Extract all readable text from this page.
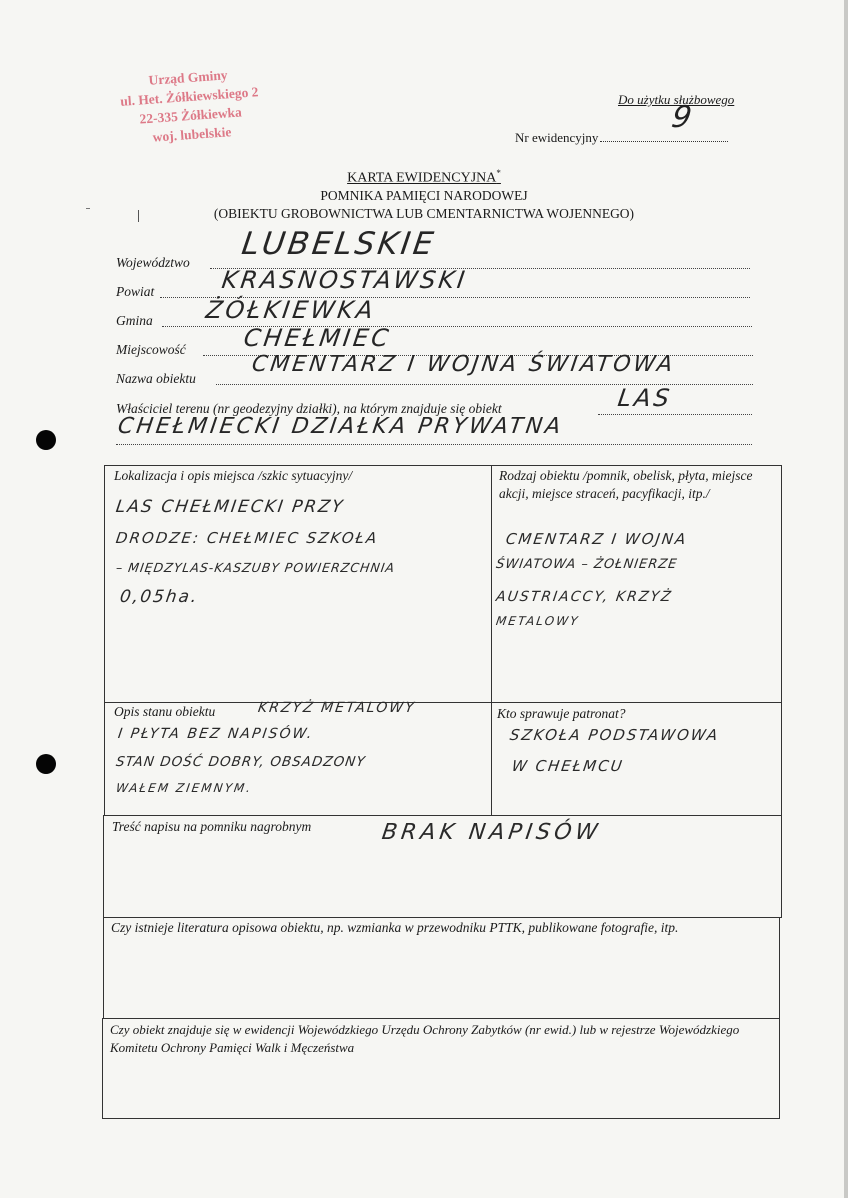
Urząd Gminy
ul. Het. Żółkiewskiego 2
22-335 Żółkiewka
woj. lubelskie
Do użytku służbowego
Nr ewidencyjny
9
KARTA EWIDENCYJNA*
POMNIKA PAMIĘCI NARODOWEJ
(OBIEKTU GROBOWNICTWA LUB CMENTARNICTWA WOJENNEGO)
Województwo
LUBELSKIE
Powiat	KRASNOSTAWSKI
Gmina ŻÓŁKIEWKA
Miejscowość CHEŁMIEC
Nazwa obiektu
CMENTARZ I WOJNA ŚWIATOWA
Właściciel terenu (nr geodezyjny działki), na którym znajduje się obiekt	LAS
CHEŁMIECKI DZIAŁKA PRYWATNA
Lokalizacja i opis miejsca /szkic sytuacyjny/
LAS CHEŁMIECKI PRZY
DRODZE: CHEŁMIEC SZKOŁA
– MIĘDZYLAS-KASZUBY POWIERZCHNIA
0,05ha.
Rodzaj obiektu /pomnik, obelisk, płyta, miejsce akcji, miejsce straceń, pacyfikacji, itp./
CMENTARZ I WOJNA
ŚWIATOWA – ŻOŁNIERZE
AUSTRIACCY, KRZYŻ
METALOWY
Opis stanu obiektu	KRZYŻ METALOWY
I PŁYTA BEZ NAPISÓW.
STAN DOŚĆ DOBRY, OBSADZONY
WAŁEM ZIEMNYM.
Kto sprawuje patronat?
SZKOŁA PODSTAWOWA
W CHEŁMCU
Treść napisu na pomniku nagrobnym	BRAK NAPISÓW
Czy istnieje literatura opisowa obiektu, np. wzmianka w przewodniku PTTK, publikowane fotografie, itp.
Czy obiekt znajduje się w ewidencji Wojewódzkiego Urzędu Ochrony Zabytków (nr ewid.) lub w rejestrze Wojewódzkiego Komitetu Ochrony Pamięci Walk i Męczeństwa
